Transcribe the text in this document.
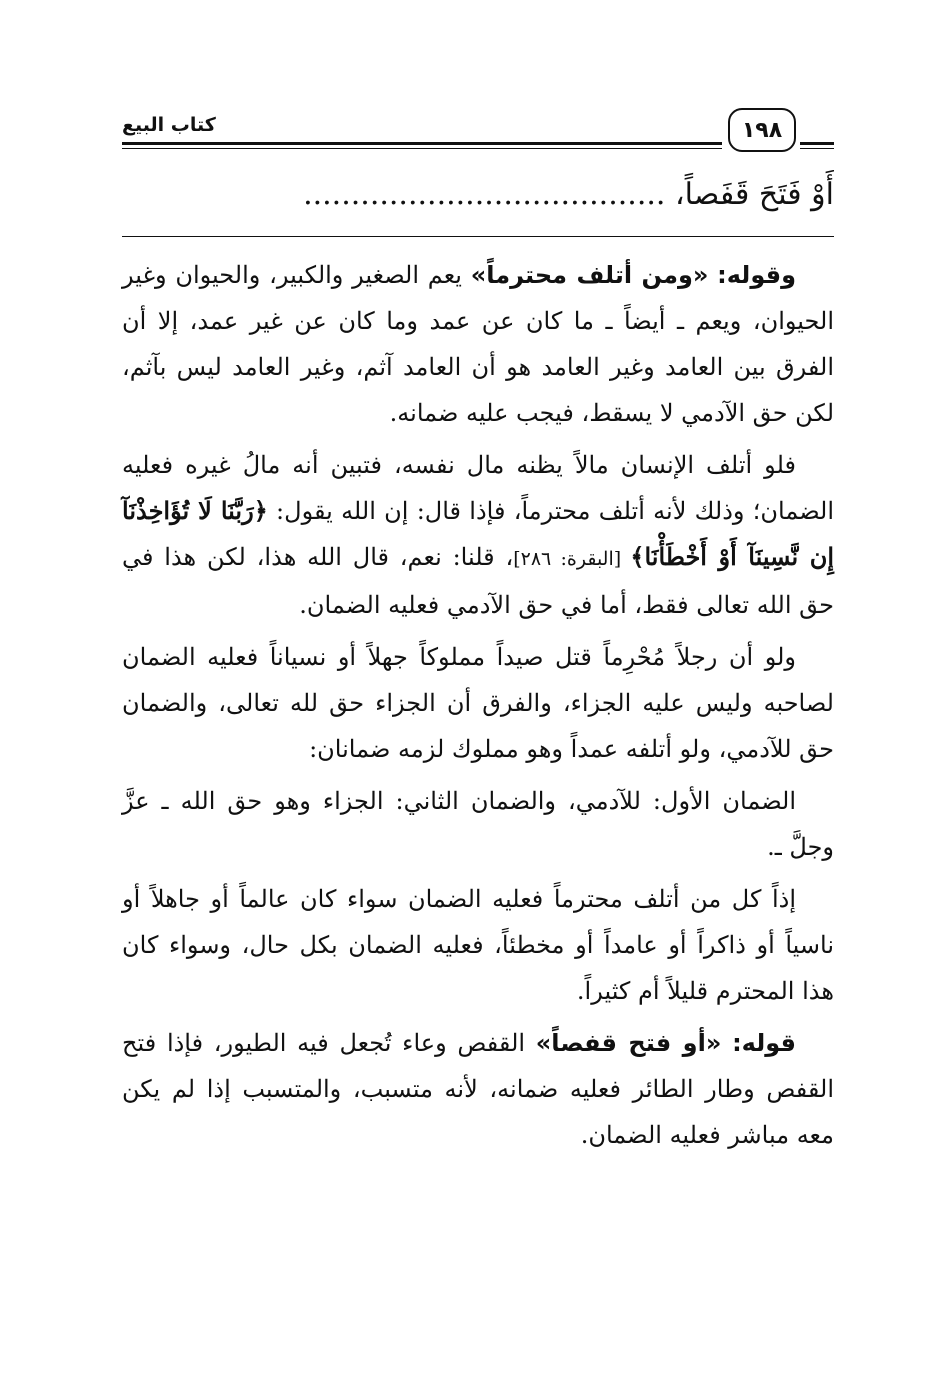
كتاب البيع	١٩٨
أَوْ فَتَحَ قَفَصاً، ......................................

وقوله: «ومن أتلف محترماً» يعم الصغير والكبير، والحيوان وغير الحيوان، ويعم ـ أيضاً ـ ما كان عن عمد وما كان عن غير عمد، إلا أن الفرق بين العامد وغير العامد هو أن العامد آثم، وغير العامد ليس بآثم، لكن حق الآدمي لا يسقط، فيجب عليه ضمانه.

فلو أتلف الإنسان مالاً يظنه مال نفسه، فتبين أنه مالُ غيره فعليه الضمان؛ وذلك لأنه أتلف محترماً، فإذا قال: إن الله يقول: ﴿رَبَّنَا لَا تُؤَاخِذْنَآ إِن نَّسِينَآ أَوْ أَخْطَأْنَا﴾ [البقرة: ٢٨٦]، قلنا: نعم، قال الله هذا، لكن هذا في حق الله تعالى فقط، أما في حق الآدمي فعليه الضمان.

ولو أن رجلاً مُحْرِماً قتل صيداً مملوكاً جهلاً أو نسياناً فعليه الضمان لصاحبه وليس عليه الجزاء، والفرق أن الجزاء حق لله تعالى، والضمان حق للآدمي، ولو أتلفه عمداً وهو مملوك لزمه ضمانان:

الضمان الأول: للآدمي، والضمان الثاني: الجزاء وهو حق الله ـ عزَّ وجلَّ ـ.

إذاً كل من أتلف محترماً فعليه الضمان سواء كان عالماً أو جاهلاً أو ناسياً أو ذاكراً أو عامداً أو مخطئاً، فعليه الضمان بكل حال، وسواء كان هذا المحترم قليلاً أم كثيراً.

قوله: «أو فتح قفصاً» القفص وعاء تُجعل فيه الطيور، فإذا فتح القفص وطار الطائر فعليه ضمانه، لأنه متسبب، والمتسبب إذا لم يكن معه مباشر فعليه الضمان.
